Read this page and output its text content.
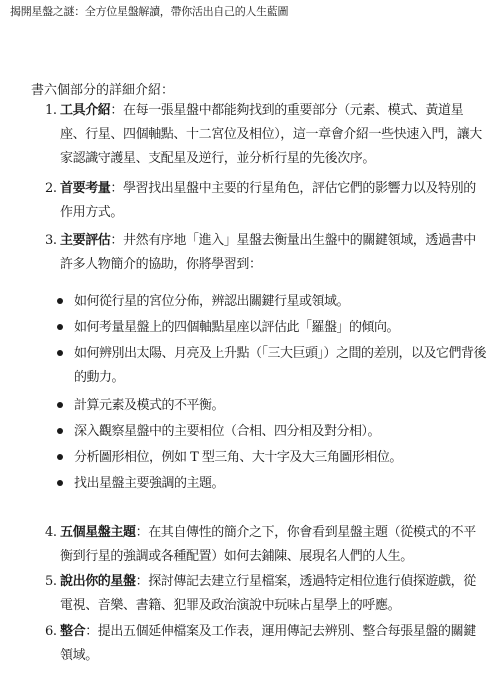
揭開星盤之謎：全方位星盤解讀，帶你活出自己的人生藍圖
書六個部分的詳細介紹：
1. 工具介紹：在每一張星盤中都能夠找到的重要部分（元素、模式、黃道星座、行星、四個軸點、十二宮位及相位），這一章會介紹一些快速入門，讓大家認識守護星、支配星及逆行，並分析行星的先後次序。
2. 首要考量：學習找出星盤中主要的行星角色，評估它們的影響力以及特別的作用方式。
3. 主要評估：井然有序地「進入」星盤去衡量出生盤中的關鍵領域，透過書中許多人物簡介的協助，你將學習到：
如何從行星的宮位分佈，辨認出關鍵行星或領域。
如何考量星盤上的四個軸點星座以評估此「羅盤」的傾向。
如何辨別出太陽、月亮及上升點（「三大巨頭」）之間的差別，以及它們背後的動力。
計算元素及模式的不平衡。
深入觀察星盤中的主要相位（合相、四分相及對分相）。
分析圖形相位，例如 T 型三角、大十字及大三角圖形相位。
找出星盤主要強調的主題。
4. 五個星盤主題：在其自傳性的簡介之下，你會看到星盤主題（從模式的不平衡到行星的強調或各種配置）如何去鋪陳、展現名人們的人生。
5. 說出你的星盤：探討傳記去建立行星檔案，透過特定相位進行偵探遊戲，從電視、音樂、書籍、犯罪及政治演說中玩味占星學上的呼應。
6. 整合：提出五個延伸檔案及工作表，運用傳記去辨別、整合每張星盤的關鍵領域。
